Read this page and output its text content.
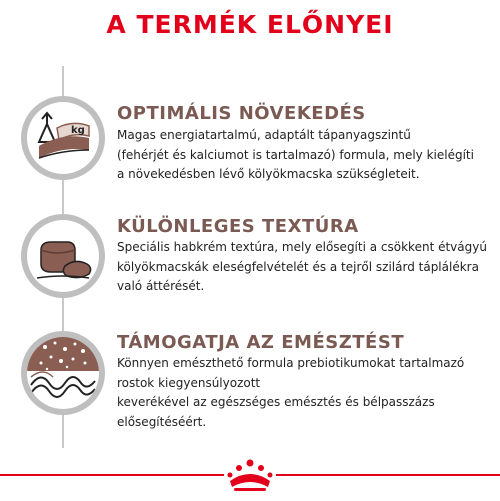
A TERMÉK ELŐNYEI
kg
OPTIMÁLIS NÖVEKEDÉS

Magas energiatartalmú, adaptált tápanyagszintű
(fehérjét és kalciumot is tartalmazó) formula, mely kielégíti
a növekedésben lévő kölyökmacska szükségleteit.

KÜLÖNLEGES TEXTÚRA

Speciális habkrém textúra, mely elősegíti a csökkent étvágyú
kölyökmacskák eleségfelvételét és a tejről szilárd táplálékra
való áttérését.

TÁMOGATJA AZ EMÉSZTÉST

Könnyen emészthető formula prebiotikumokat tartalmazó
rostok kiegyensúlyozott
keverékével az egészséges emésztés és bélpasszázs
elősegítéséért.
